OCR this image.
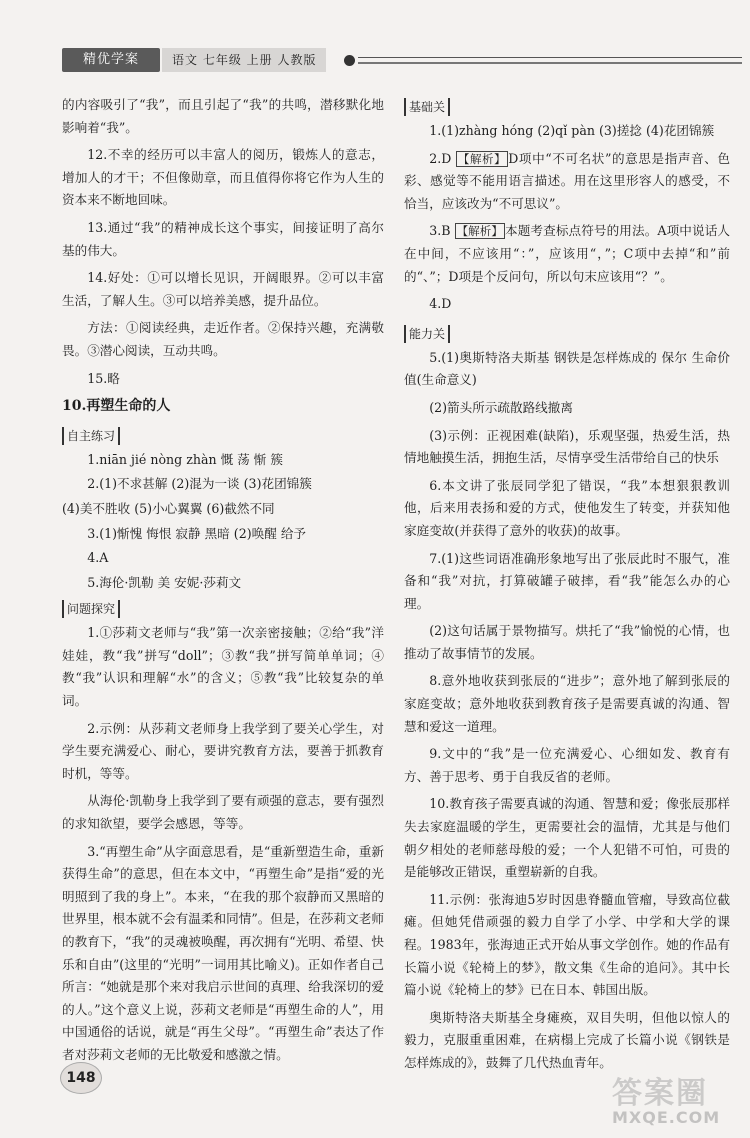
精优学案	语文 七年级 上册 人教版

的内容吸引了“我”，而且引起了“我”的共鸣，潜移默化地影响着“我”。

12.不幸的经历可以丰富人的阅历，锻炼人的意志，增加人的才干；不但像勋章，而且值得你将它作为人生的资本来不断地回味。

13.通过“我”的精神成长这个事实，间接证明了高尔基的伟大。

14.好处：①可以增长见识，开阔眼界。②可以丰富生活，了解人生。③可以培养美感，提升品位。

方法：①阅读经典，走近作者。②保持兴趣，充满敬畏。③潜心阅读，互动共鸣。

15.略

10.再塑生命的人

自主练习

1.niān jié nòng zhàn 慨 荡 惭 簇

2.(1)不求甚解 (2)混为一谈 (3)花团锦簇

(4)美不胜收 (5)小心翼翼 (6)截然不同

3.(1)惭愧 悔恨 寂静 黑暗 (2)唤醒 给予

4.A

5.海伦·凯勒 美 安妮·莎莉文

问题探究

1.①莎莉文老师与“我”第一次亲密接触；②给“我”洋娃娃，教“我”拼写“doll”；③教“我”拼写简单单词；④教“我”认识和理解“水”的含义；⑤教“我”比较复杂的单词。

2.示例：从莎莉文老师身上我学到了要关心学生，对学生要充满爱心、耐心，要讲究教育方法，要善于抓教育时机，等等。

从海伦·凯勒身上我学到了要有顽强的意志，要有强烈的求知欲望，要学会感恩，等等。

3.“再塑生命”从字面意思看，是“重新塑造生命，重新获得生命”的意思，但在本文中，“再塑生命”是指“爱的光明照到了我的身上”。本来，“在我的那个寂静而又黑暗的世界里，根本就不会有温柔和同情”。但是，在莎莉文老师的教育下，“我”的灵魂被唤醒，再次拥有“光明、希望、快乐和自由”(这里的“光明”一词用其比喻义)。正如作者自己所言：“她就是那个来对我启示世间的真理、给我深切的爱的人。”这个意义上说，莎莉文老师是“再塑生命的人”，用中国通俗的话说，就是“再生父母”。“再塑生命”表达了作者对莎莉文老师的无比敬爱和感激之情。

基础关

1.(1)zhàng hóng (2)qǐ pàn (3)搓捻 (4)花团锦簇

2.D 【解析】 D项中“不可名状”的意思是指声音、色彩、感觉等不能用语言描述。用在这里形容人的感受，不恰当，应该改为“不可思议”。

3.B 【解析】 本题考查标点符号的用法。A项中说话人在中间，不应该用“：”，应该用“，”；C项中去掉“和”前的“、”；D项是个反问句，所以句末应该用“？”。

4.D

能力关

5.(1)奥斯特洛夫斯基 钢铁是怎样炼成的 保尔 生命价值(生命意义)

(2)箭头所示疏散路线撤离

(3)示例：正视困难(缺陷)，乐观坚强，热爱生活，热情地触摸生活，拥抱生活，尽情享受生活带给自己的快乐

6.本文讲了张辰同学犯了错误，“我”本想狠狠教训他，后来用表扬和爱的方式，使他发生了转变，并获知他家庭变故(并获得了意外的收获)的故事。

7.(1)这些词语准确形象地写出了张辰此时不服气，准备和“我”对抗，打算破罐子破摔，看“我”能怎么办的心理。

(2)这句话属于景物描写。烘托了“我”愉悦的心情，也推动了故事情节的发展。

8.意外地收获到张辰的“进步”；意外地了解到张辰的家庭变故；意外地收获到教育孩子是需要真诚的沟通、智慧和爱这一道理。

9.文中的“我”是一位充满爱心、心细如发、教育有方、善于思考、勇于自我反省的老师。

10.教育孩子需要真诚的沟通、智慧和爱；像张辰那样失去家庭温暖的学生，更需要社会的温情，尤其是与他们朝夕相处的老师慈母般的爱；一个人犯错不可怕，可贵的是能够改正错误，重塑崭新的自我。

11.示例：张海迪5岁时因患脊髓血管瘤，导致高位截瘫。但她凭借顽强的毅力自学了小学、中学和大学的课程。1983年，张海迪正式开始从事文学创作。她的作品有长篇小说《轮椅上的梦》，散文集《生命的追问》。其中长篇小说《轮椅上的梦》已在日本、韩国出版。

奥斯特洛夫斯基全身瘫痪，双目失明，但他以惊人的毅力，克服重重困难，在病榻上完成了长篇小说《钢铁是怎样炼成的》，鼓舞了几代热血青年。

148	答案圈
MXQE.COM
